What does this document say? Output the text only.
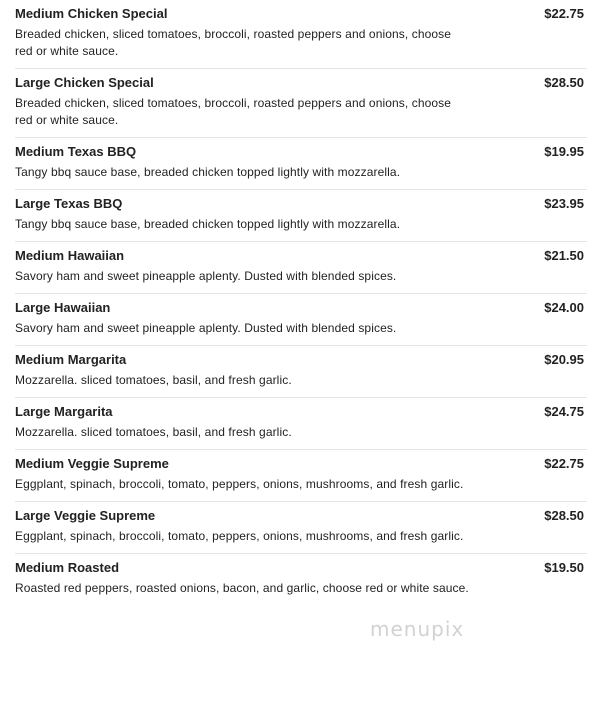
Medium Chicken Special	$22.75
Breaded chicken, sliced tomatoes, broccoli, roasted peppers and onions, choose red or white sauce.
Large Chicken Special	$28.50
Breaded chicken, sliced tomatoes, broccoli, roasted peppers and onions, choose red or white sauce.
Medium Texas BBQ	$19.95
Tangy bbq sauce base, breaded chicken topped lightly with mozzarella.
Large Texas BBQ	$23.95
Tangy bbq sauce base, breaded chicken topped lightly with mozzarella.
Medium Hawaiian	$21.50
Savory ham and sweet pineapple aplenty. Dusted with blended spices.
Large Hawaiian	$24.00
Savory ham and sweet pineapple aplenty. Dusted with blended spices.
Medium Margarita	$20.95
Mozzarella. sliced tomatoes, basil, and fresh garlic.
Large Margarita	$24.75
Mozzarella. sliced tomatoes, basil, and fresh garlic.
Medium Veggie Supreme	$22.75
Eggplant, spinach, broccoli, tomato, peppers, onions, mushrooms, and fresh garlic.
Large Veggie Supreme	$28.50
Eggplant, spinach, broccoli, tomato, peppers, onions, mushrooms, and fresh garlic.
Medium Roasted	$19.50
Roasted red peppers, roasted onions, bacon, and garlic, choose red or white sauce.
menupix
